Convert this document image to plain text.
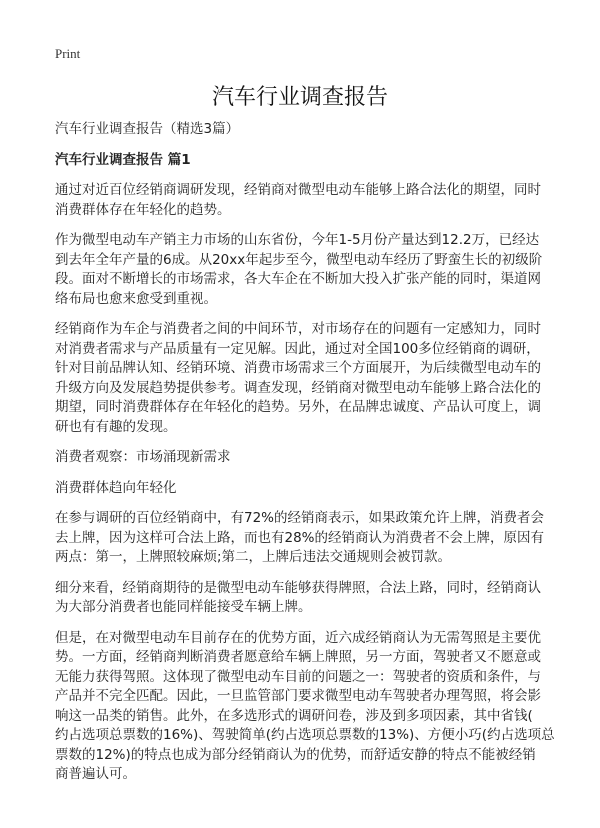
Print
汽车行业调查报告

汽车行业调查报告（精选3篇）

汽车行业调查报告 篇1

通过对近百位经销商调研发现，经销商对微型电动车能够上路合法化的期望，同时
消费群体存在年轻化的趋势。

作为微型电动车产销主力市场的山东省份，今年1-5月份产量达到12.2万，已经达
到去年全年产量的6成。从20xx年起步至今，微型电动车经历了野蛮生长的初级阶
段。面对不断增长的市场需求，各大车企在不断加大投入扩张产能的同时，渠道网
络布局也愈来愈受到重视。

经销商作为车企与消费者之间的中间环节，对市场存在的问题有一定感知力，同时
对消费者需求与产品质量有一定见解。因此，通过对全国100多位经销商的调研，
针对目前品牌认知、经销环境、消费市场需求三个方面展开，为后续微型电动车的
升级方向及发展趋势提供参考。调查发现，经销商对微型电动车能够上路合法化的
期望，同时消费群体存在年轻化的趋势。另外，在品牌忠诚度、产品认可度上，调
研也有有趣的发现。

消费者观察：市场涌现新需求

消费群体趋向年轻化

在参与调研的百位经销商中，有72%的经销商表示，如果政策允许上牌，消费者会
去上牌，因为这样可合法上路，而也有28%的经销商认为消费者不会上牌，原因有
两点：第一，上牌照较麻烦;第二，上牌后违法交通规则会被罚款。

细分来看，经销商期待的是微型电动车能够获得牌照，合法上路，同时，经销商认
为大部分消费者也能同样能接受车辆上牌。

但是，在对微型电动车目前存在的优势方面，近六成经销商认为无需驾照是主要优
势。一方面，经销商判断消费者愿意给车辆上牌照，另一方面，驾驶者又不愿意或
无能力获得驾照。这体现了微型电动车目前的问题之一：驾驶者的资质和条件，与
产品并不完全匹配。因此，一旦监管部门要求微型电动车驾驶者办理驾照，将会影
响这一品类的销售。此外，在多选形式的调研问卷，涉及到多项因素，其中省钱(
约占选项总票数的16%)、驾驶简单(约占选项总票数的13%)、方便小巧(约占选项总
票数的12%)的特点也成为部分经销商认为的优势，而舒适安静的特点不能被经销
商普遍认可。
